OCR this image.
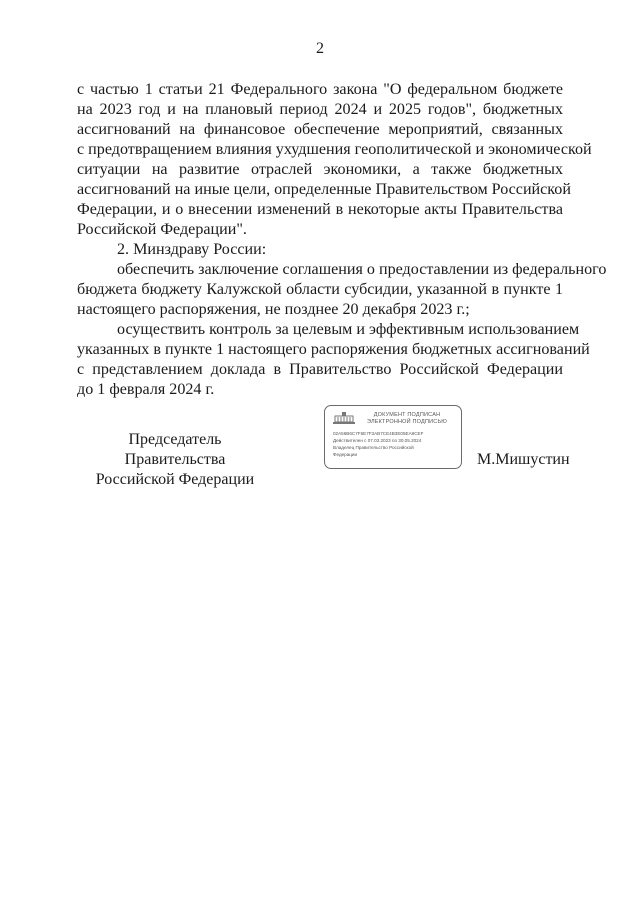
2
с частью 1 статьи 21 Федерального закона "О федеральном бюджете
на 2023 год и на плановый период 2024 и 2025 годов", бюджетных
ассигнований на финансовое обеспечение мероприятий, связанных
с предотвращением влияния ухудшения геополитической и экономической
ситуации на развитие отраслей экономики, а также бюджетных
ассигнований на иные цели, определенные Правительством Российской
Федерации, и о внесении изменений в некоторые акты Правительства
Российской Федерации".
2. Минздраву России:
обеспечить заключение соглашения о предоставлении из федерального
бюджета бюджету Калужской области субсидии, указанной в пункте 1
настоящего распоряжения, не позднее 20 декабря 2023 г.;
осуществить контроль за целевым и эффективным использованием
указанных в пункте 1 настоящего распоряжения бюджетных ассигнований
с представлением доклада в Правительство Российской Федерации
до 1 февраля 2024 г.
Председатель Правительства
Российской Федерации
ДОКУМЕНТ ПОДПИСАН
ЭЛЕКТРОННОЙ ПОДПИСЬЮ
02A56B6C7F6E7F3AB7CE4B3E05EA8CEF
Действителен с 07.03.2023 по 30.05.2024
Владелец Правительство Российской
Федерации	М.Мишустин
